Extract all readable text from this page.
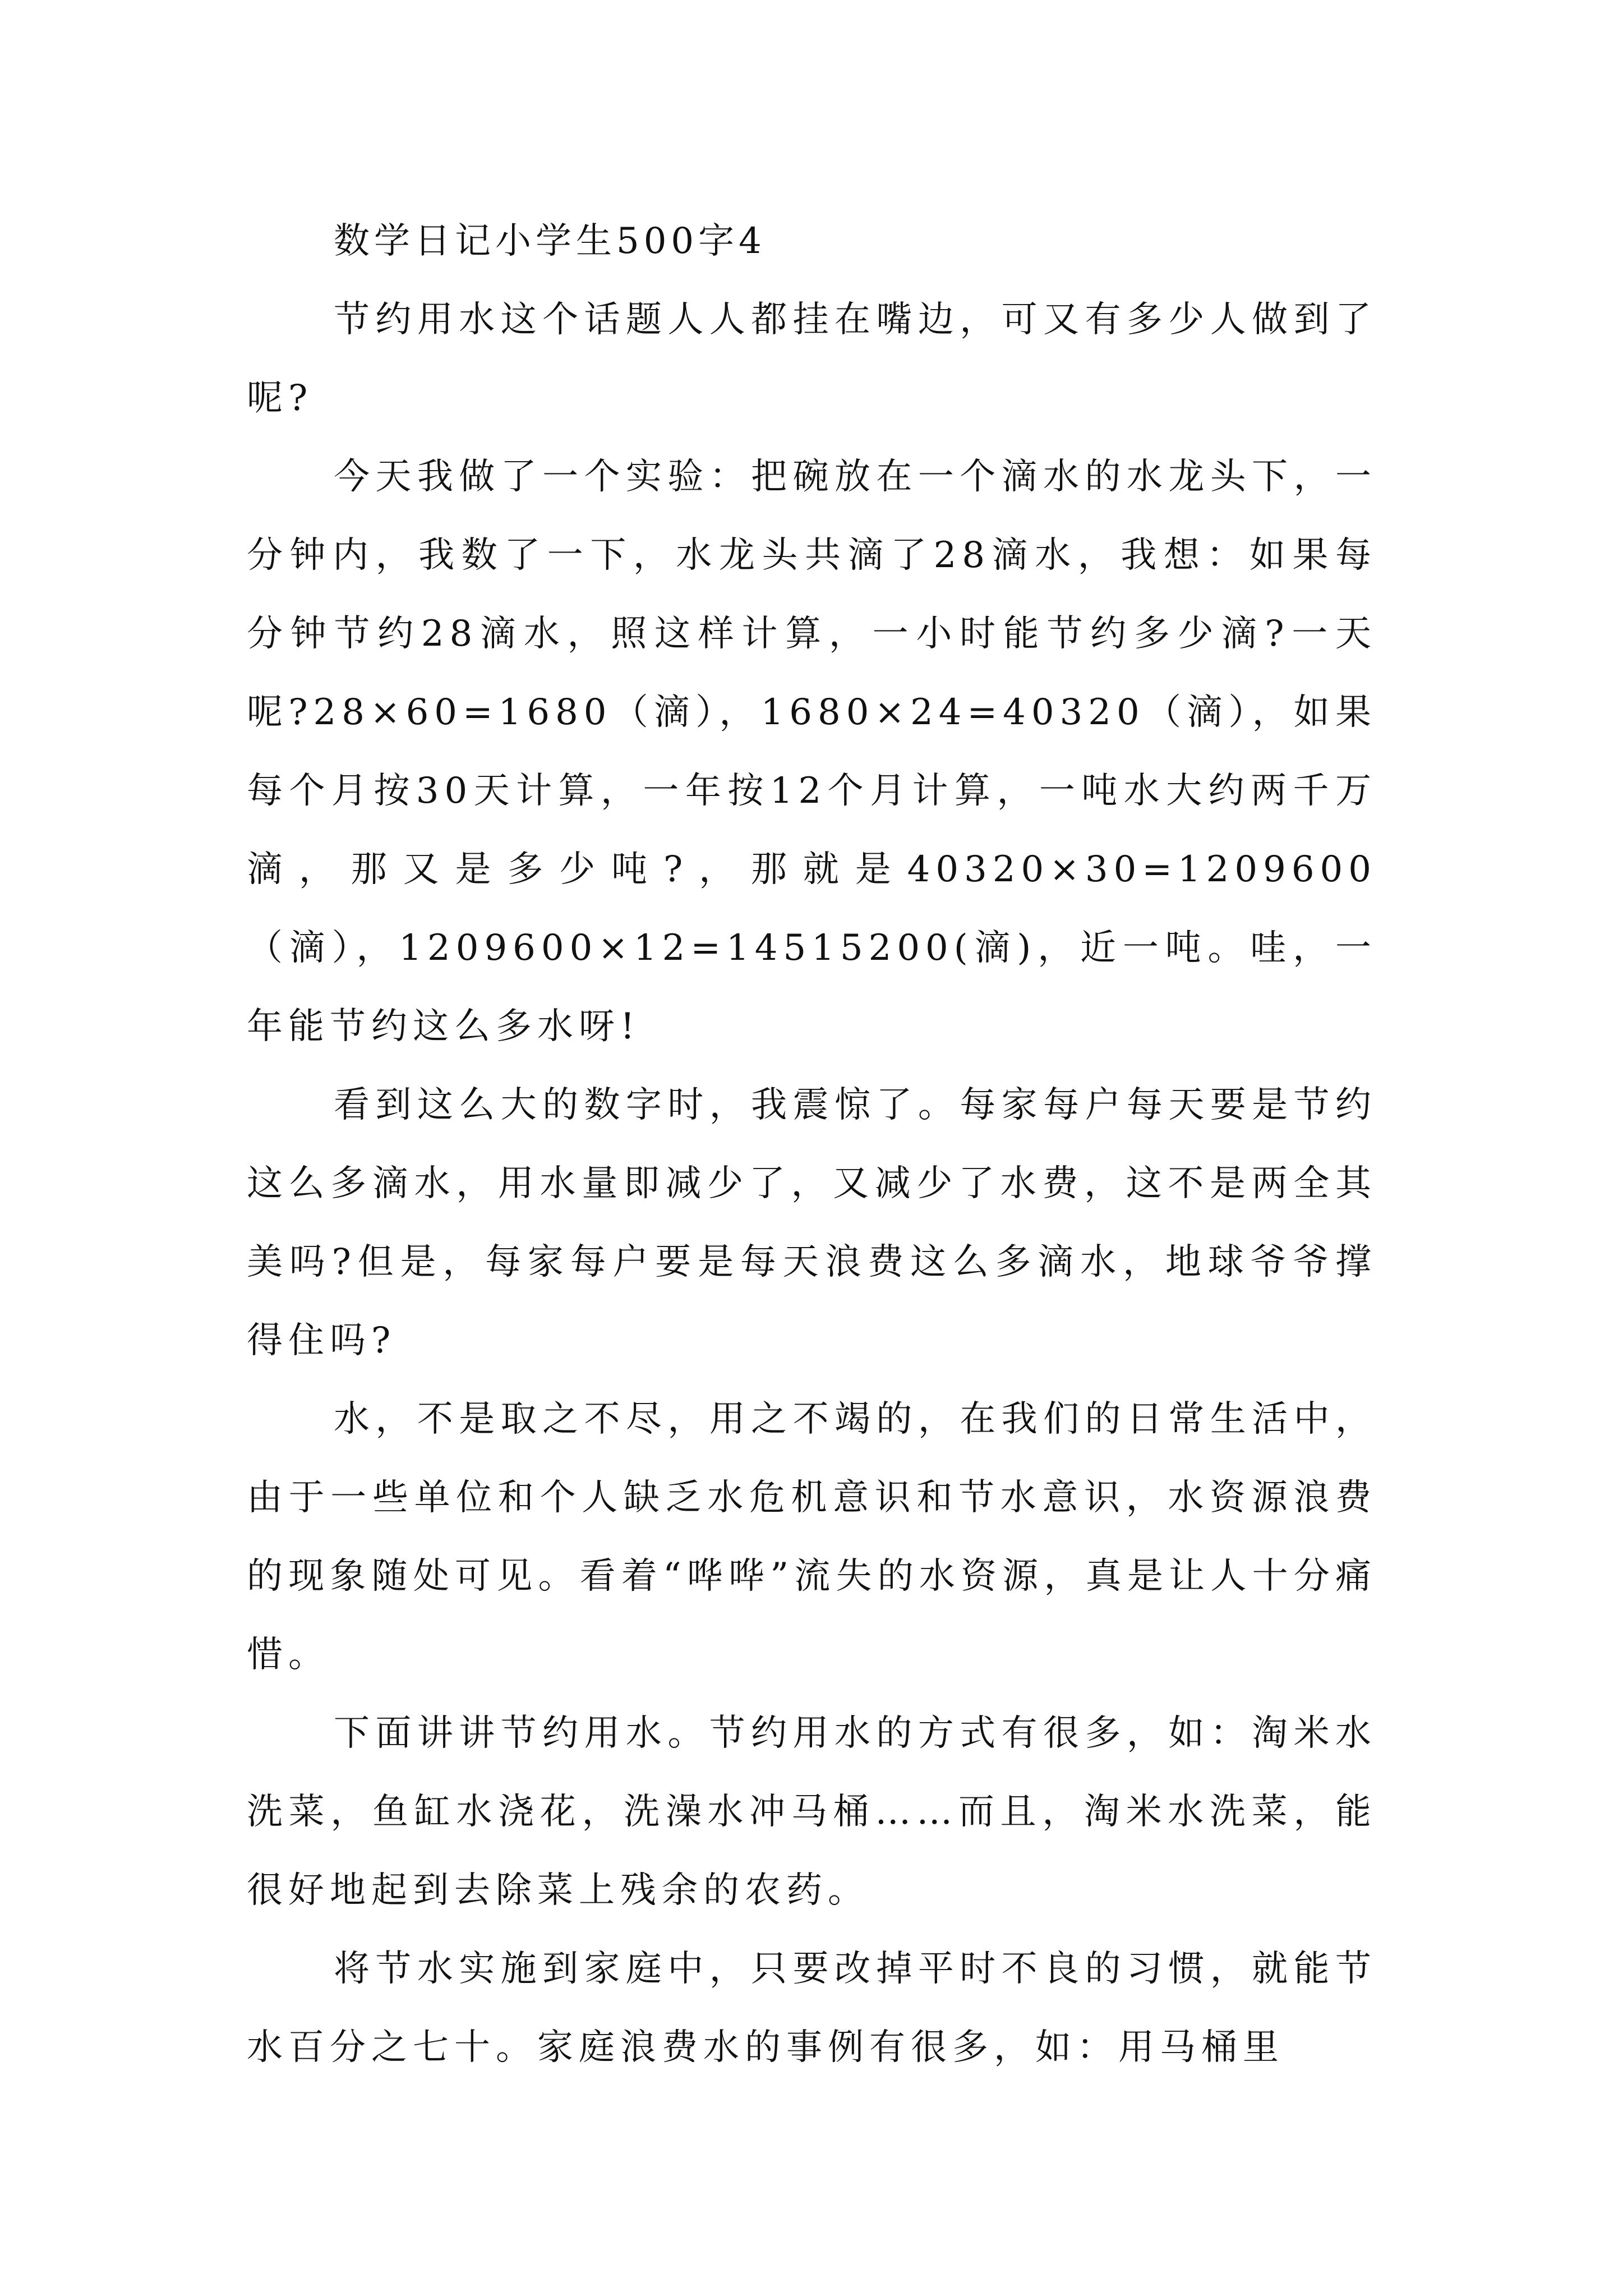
数学日记小学生500字4

节约用水这个话题人人都挂在嘴边，可又有多少人做到了呢?

今天我做了一个实验：把碗放在一个滴水的水龙头下，一分钟内，我数了一下，水龙头共滴了28滴水，我想：如果每分钟节约28滴水，照这样计算，一小时能节约多少滴?一天呢?28×60=1680（滴），1680×24=40320（滴），如果每个月按30天计算，一年按12个月计算，一吨水大约两千万滴，那又是多少吨?，那就是40320×30=1209600（滴），1209600×12=14515200(滴)，近一吨。哇，一年能节约这么多水呀!

看到这么大的数字时，我震惊了。每家每户每天要是节约这么多滴水，用水量即减少了，又减少了水费，这不是两全其美吗?但是，每家每户要是每天浪费这么多滴水，地球爷爷撑得住吗?

水，不是取之不尽，用之不竭的，在我们的日常生活中，由于一些单位和个人缺乏水危机意识和节水意识，水资源浪费的现象随处可见。看着“哗哗”流失的水资源，真是让人十分痛惜。

下面讲讲节约用水。节约用水的方式有很多，如：淘米水洗菜，鱼缸水浇花，洗澡水冲马桶……而且，淘米水洗菜，能很好地起到去除菜上残余的农药。

将节水实施到家庭中，只要改掉平时不良的习惯，就能节水百分之七十。家庭浪费水的事例有很多，如：用马桶里
